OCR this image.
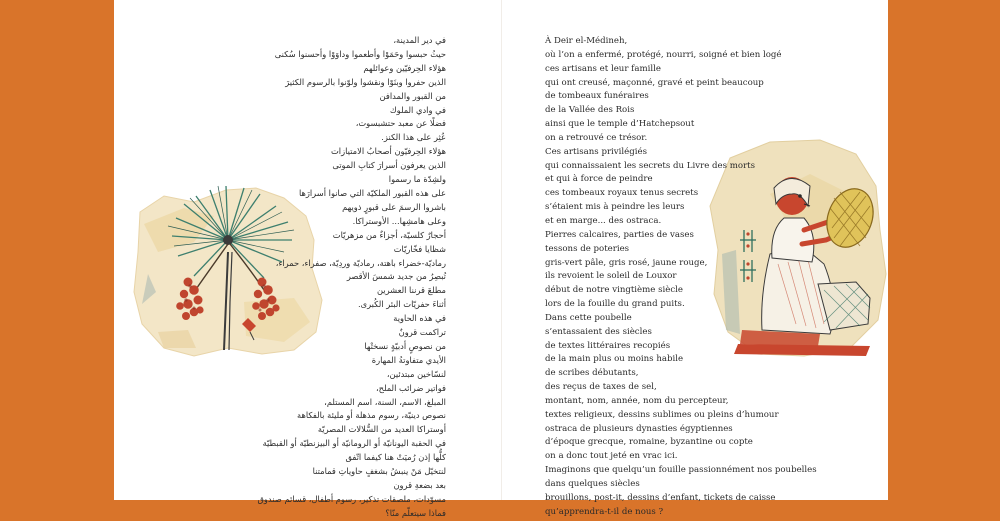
في دير المدينة،
حيثُ حبسوا وحَمَوْا وأطعموا وداوَوْا وأحسنوا سُكنى
هؤلاء الحِرفيّين وعوائلهم
الذين حفروا وبنَوْا ونقشوا ولوّنوا بالرسوم الكثيرَ
من القبور والمدافن
في وادي الملوك
فضلًا عن معبد حتشبسوت،
عُثِر على هذا الكنز.
هؤلاء الحِرفيّون أصحابُ الامتيازات
الذين يعرفون أسرارَ كتابِ الموتى
ولشِدّة ما رسموا
على هذه القبور الملكيّة التي صانوا أسرارَها
باشروا الرسمَ على قبورٍ ذويهم
وعلى هامشِها... الأوستراكا.
أحجارٌ كلسيّة، أجزاءٌ من مزهريّات
شظايا فخّاريّات
رماديّة-خضراء باهتة، رماديّة وردِيّة، صفراء، حمراء،
تُبصِرُ من جديد شمسَ الأقصر
مطلعَ قرننا العشرين
أثناءَ حفريّات البئر الكُبرى.
في هذه الحاوية
تراكمت قرونٌ
من نصوصٍ أدبيّةٍ نسختْها
الأيدي متفاوتةُ المهارة
لنسّاخين مبتدئين،
فواتير ضرائب الملح،
المبلغ، الاسم، السنة، اسم المستلم،
نصوص دينيّة، رسوم مذهلة أو مليئة بالفكاهة
أوستراكا العديد من السُّلالات المصريّة
في الحقبة اليونانيّة أو الرومانيّة أو البيزنطيّة أو القبطيّة
كلُّها إذن رُميَتْ هنا كيفما اتّفق
لنتخيّل مَنْ ينبشُ بشغفٍ حاوياتِ قمامتنا
بعد بضعةِ قرون
مسوّدات، ملصقات تذكير، رسوم أطفال، قسائم صندوق
فماذا سيتعلّم منّا؟
À Deir el-Médineh,
où l’on a enfermé, protégé, nourri, soigné et bien logé
ces artisans et leur famille
qui ont creusé, maçonné, gravé et peint beaucoup
de tombeaux funéraires
de la Vallée des Rois
ainsi que le temple d’Hatchepsout
on a retrouvé ce trésor.
Ces artisans privilégiés
qui connaissaient les secrets du Livre des morts
et qui à force de peindre
ces tombeaux royaux tenus secrets
s’étaient mis à peindre les leurs
et en marge... des ostraca.
Pierres calcaires, parties de vases
tessons de poteries
gris-vert pâle, gris rosé, jaune rouge,
ils revoient le soleil de Louxor
début de notre vingtième siècle
lors de la fouille du grand puits.
Dans cette poubelle
s’entassaient des siècles
de textes littéraires recopiés
de la main plus ou moins habile
de scribes débutants,
des reçus de taxes de sel,
montant, nom, année, nom du percepteur,
textes religieux, dessins sublimes ou pleins d’humour
ostraca de plusieurs dynasties égyptiennes
d’époque grecque, romaine, byzantine ou copte
on a donc tout jeté en vrac ici.
Imaginons que quelqu’un fouille passionnément nos poubelles
dans quelques siècles
brouillons, post-it, dessins d’enfant, tickets de caisse
qu’apprendra-t-il de nous ?
